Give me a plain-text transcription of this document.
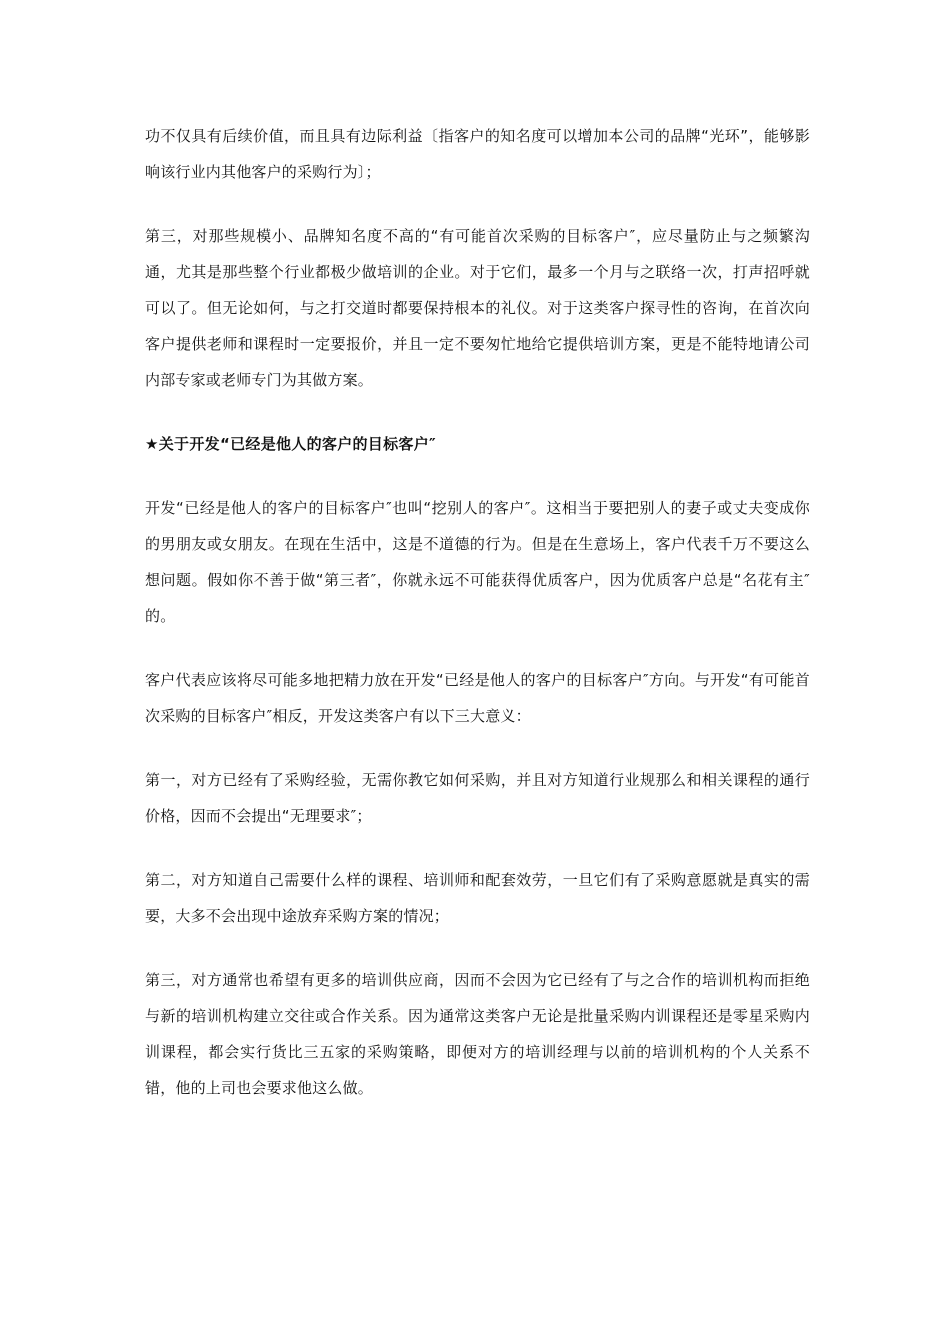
功不仅具有后续价值，而且具有边际利益〔指客户的知名度可以增加本公司的品牌“光环”，能够影响该行业内其他客户的采购行为〕；

第三，对那些规模小、品牌知名度不高的“有可能首次采购的目标客户″，应尽量防止与之频繁沟通，尤其是那些整个行业都极少做培训的企业。对于它们，最多一个月与之联络一次，打声招呼就可以了。但无论如何，与之打交道时都要保持根本的礼仪。对于这类客户探寻性的咨询，在首次向客户提供老师和课程时一定要报价，并且一定不要匆忙地给它提供培训方案，更是不能特地请公司内部专家或老师专门为其做方案。

★关于开发“已经是他人的客户的目标客户″

开发“已经是他人的客户的目标客户″也叫“挖别人的客户″。这相当于要把别人的妻子或丈夫变成你的男朋友或女朋友。在现在生活中，这是不道德的行为。但是在生意场上，客户代表千万不要这么想问题。假如你不善于做“第三者″，你就永远不可能获得优质客户，因为优质客户总是“名花有主″的。

客户代表应该将尽可能多地把精力放在开发“已经是他人的客户的目标客户″方向。与开发“有可能首次采购的目标客户″相反，开发这类客户有以下三大意义：

第一，对方已经有了采购经验，无需你教它如何采购，并且对方知道行业规那么和相关课程的通行价格，因而不会提出“无理要求″；

第二，对方知道自己需要什么样的课程、培训师和配套效劳，一旦它们有了采购意愿就是真实的需要，大多不会出现中途放弃采购方案的情况；

第三，对方通常也希望有更多的培训供应商，因而不会因为它已经有了与之合作的培训机构而拒绝与新的培训机构建立交往或合作关系。因为通常这类客户无论是批量采购内训课程还是零星采购内训课程，都会实行货比三五家的采购策略，即便对方的培训经理与以前的培训机构的个人关系不错，他的上司也会要求他这么做。
